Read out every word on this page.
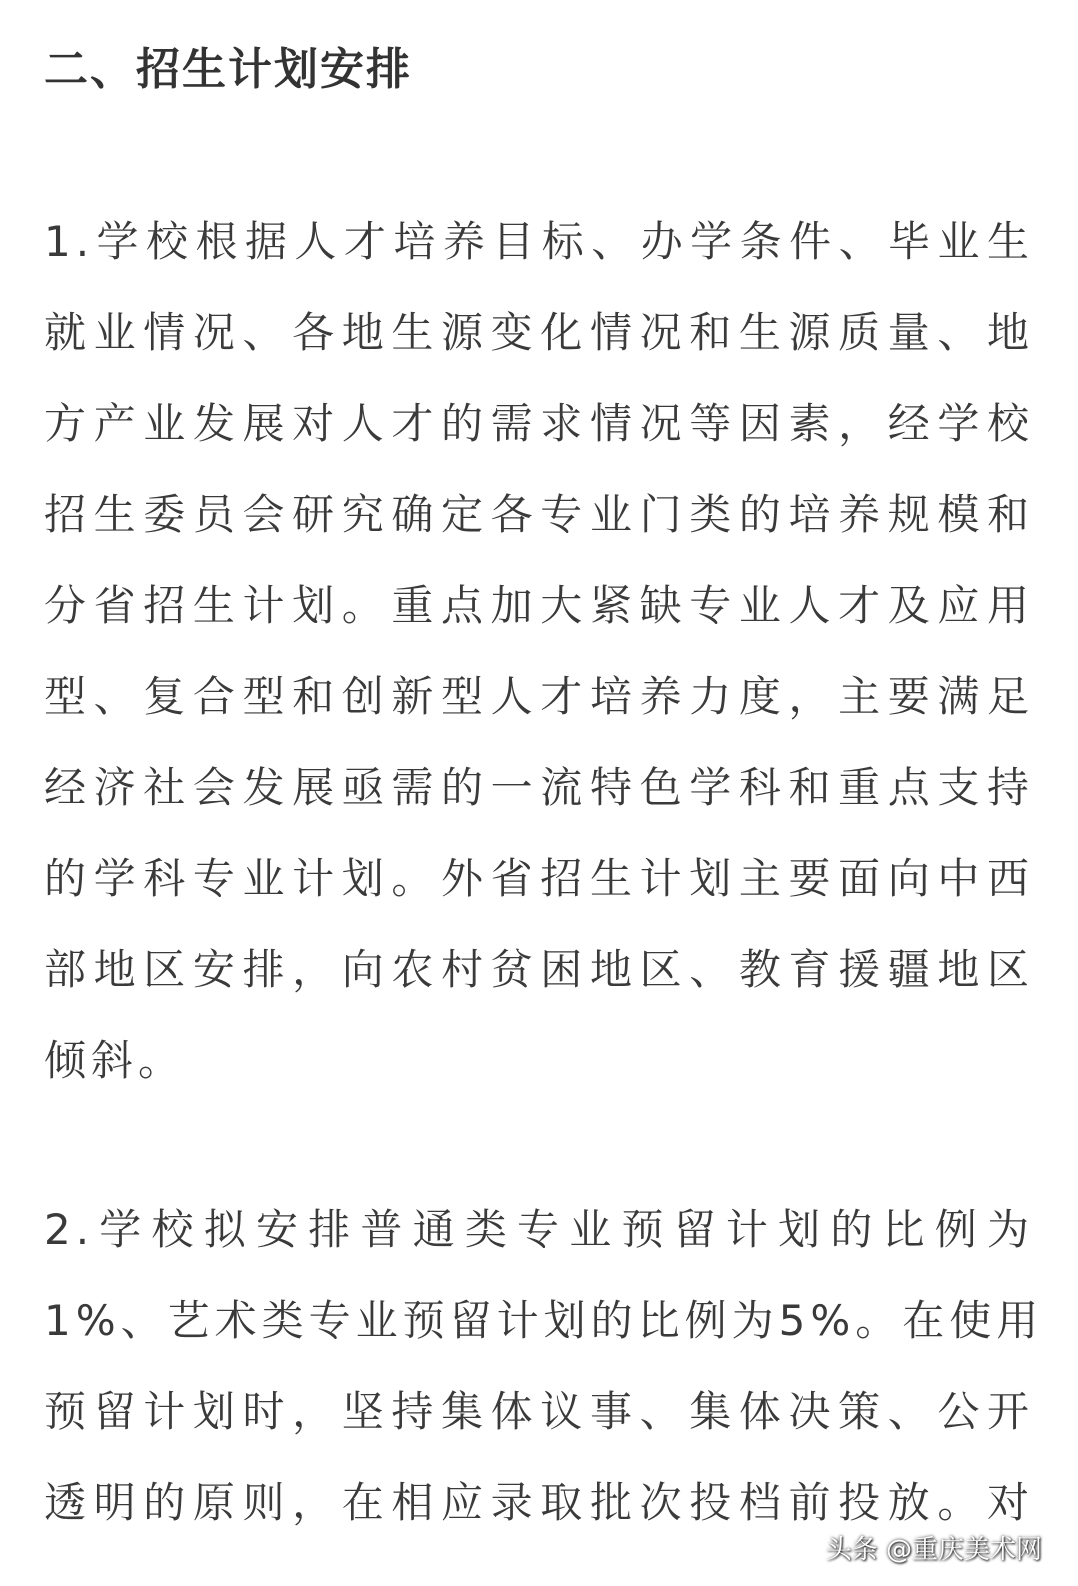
二、招生计划安排
1.学校根据人才培养目标、办学条件、毕业生
就业情况、各地生源变化情况和生源质量、地
方产业发展对人才的需求情况等因素，经学校
招生委员会研究确定各专业门类的培养规模和
分省招生计划。重点加大紧缺专业人才及应用
型、复合型和创新型人才培养力度，主要满足
经济社会发展亟需的一流特色学科和重点支持
的学科专业计划。外省招生计划主要面向中西
部地区安排，向农村贫困地区、教育援疆地区
倾斜。
2.学校拟安排普通类专业预留计划的比例为
1%、艺术类专业预留计划的比例为5%。在使用
预留计划时，坚持集体议事、集体决策、公开
透明的原则，在相应录取批次投档前投放。对
头条 @重庆美术网
